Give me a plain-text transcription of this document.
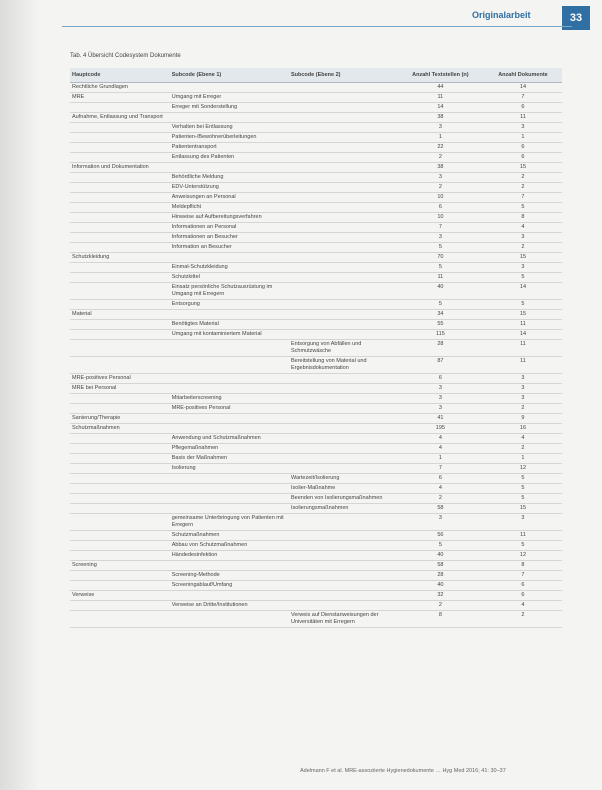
Originalarbeit	33
Tab. 4 Übersicht Codesystem Dokumente
Hauptcode	Subcode (Ebene 1)	Subcode (Ebene 2)	Anzahl Textstellen (n)	Anzahl Dokumente
Rechtliche Grundlagen			44	14
MRE	Umgang mit Erreger		11	7
	Erreger mit Sonderstellung		14	6
Aufnahme, Entlassung und Transport			38	11
	Verhalten bei Entlassung		3	3
	Patienten-/Bewohnerüberleitungen		1	1
	Patiententransport		22	6
	Entlassung des Patienten		2	6
Information und Dokumentation			38	15
	Behördliche Meldung		3	2
	EDV-Unterstützung		2	2
	Anweisungen an Personal		10	7
	Meldepflicht		6	5
	Hinweise auf Aufbereitungsverfahren		10	8
	Informationen an Personal		7	4
	Informationen an Besucher		3	3
	Information an Besucher		5	2
Schutzkleidung			70	15
	Einmal-Schutzkleidung		5	3
	Schutzkittel		11	5
	Einsatz persönliche Schutzausrüstung im Umgang mit Erregern		40	14
	Entsorgung		5	5
Material			34	15
	Benötigtes Material		55	11
	Umgang mit kontaminiertem Material		115	14
		Entsorgung von Abfällen und Schmutzwäsche	28	11
		Bereitstellung von Material und Ergebnisdokumentation	87	11
MRE-positives Personal			6	3
MRE bei Personal			3	3
	Mitarbeiterscreening		3	3
	MRE-positives Personal		3	2
Sanierung/Therapie			41	9
Schutzmaßnahmen			195	16
	Anwendung und Schutzmaßnahmen		4	4
	Pflegemaßnahmen		4	2
	Basis der Maßnahmen		1	1
	Isolierung		7	12
		Wartezeit/Isolierung	6	5
		Isolier-Maßnahme	4	5
		Beenden von Isolierungsmaßnahmen	2	5
		Isolierungsmaßnahmen	58	15
	gemeinsame Unterbringung von Patienten mit Erregern		3	3
	Schutzmaßnahmen		56	11
	Abbau von Schutzmaßnahmen		5	5
	Händedesinfektion		40	12
Screening			58	8
	Screening-Methode		28	7
	Screeningablauf/Umfang		40	6
Verweise			32	6
	Verweise an Dritte/Institutionen		2	4
		Verweis auf Dienstanweisungen der Universitäten mit Erregern	8	2
Adelmann F et al. MRE-assoziierte Hygienedokumente … Hyg Med 2016; 41: 30–37
